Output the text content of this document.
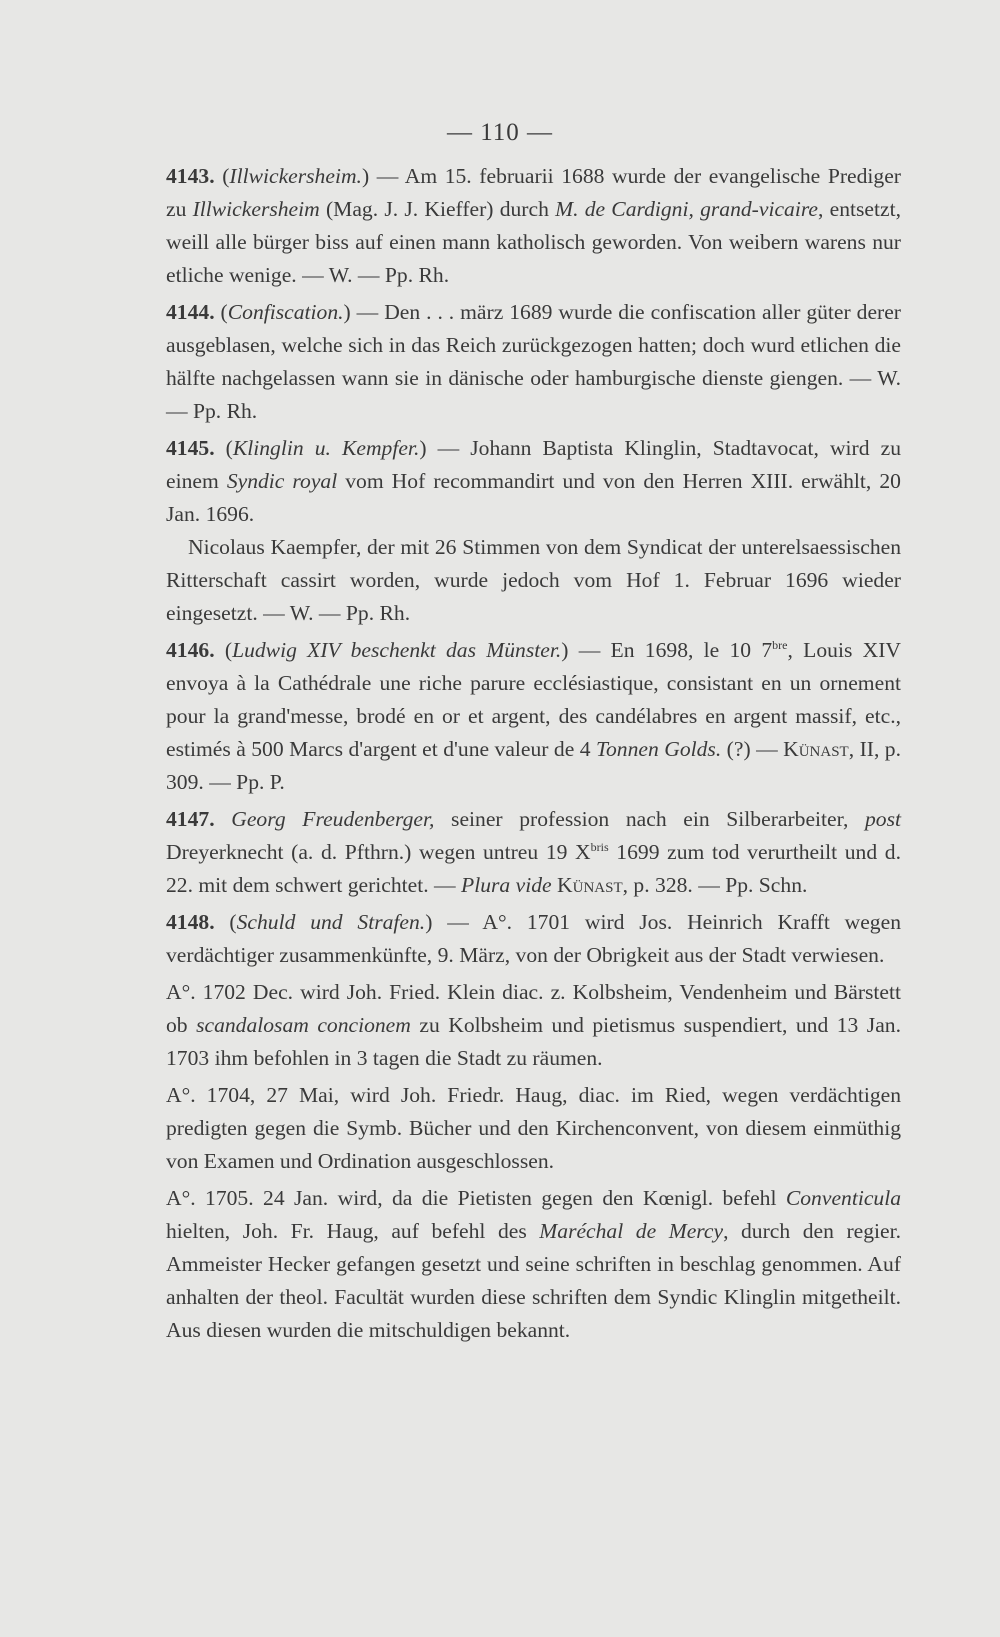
— 110 —
4143. (Illwickersheim.) — Am 15. februarii 1688 wurde der evangelische Prediger zu Illwickersheim (Mag. J. J. Kieffer) durch M. de Cardigni, grand-vicaire, entsetzt, weill alle bürger biss auf einen mann katholisch geworden. Von weibern warens nur etliche wenige. — W. — Pp. Rh.
4144. (Confiscation.) — Den . . . märz 1689 wurde die confiscation aller güter derer ausgeblasen, welche sich in das Reich zurückgezogen hatten; doch wurd etlichen die hälfte nachgelassen wann sie in dänische oder hamburgische dienste giengen. — W. — Pp. Rh.
4145. (Klinglin u. Kempfer.) — Johann Baptista Klinglin, Stadtavocat, wird zu einem Syndic royal vom Hof recommandirt und von den Herren XIII. erwählt, 20 Jan. 1696.
Nicolaus Kaempfer, der mit 26 Stimmen von dem Syndicat der unterelsaessischen Ritterschaft cassirt worden, wurde jedoch vom Hof 1. Februar 1696 wieder eingesetzt. — W. — Pp. Rh.
4146. (Ludwig XIV beschenkt das Münster.) — En 1698, le 10 $7^{bre}$, Louis XIV envoya à la Cathédrale une riche parure ecclésiastique, consistant en un ornement pour la grand'messe, brodé en or et argent, des candélabres en argent massif, etc., estimés à 500 Marcs d'argent et d'une valeur de 4 Tonnen Golds. (?) — Künast, II, p. 309. — Pp. P.
4147. Georg Freudenberger, seiner profession nach ein Silberarbeiter, post Dreyerknecht (a. d. Pfthrn.) wegen untreu 19 $X^{bris}$ 1699 zum tod verurtheilt und d. 22. mit dem schwert gerichtet. — Plura vide Künast, p. 328. — Pp. Schn.
4148. (Schuld und Strafen.) — A°. 1701 wird Jos. Heinrich Krafft wegen verdächtiger zusammenkünfte, 9. März, von der Obrigkeit aus der Stadt verwiesen.
A°. 1702 Dec. wird Joh. Fried. Klein diac. z. Kolbsheim, Vendenheim und Bärstett ob scandalosam concionem zu Kolbsheim und pietismus suspendiert, und 13 Jan. 1703 ihm befohlen in 3 tagen die Stadt zu räumen.
A°. 1704, 27 Mai, wird Joh. Friedr. Haug, diac. im Ried, wegen verdächtigen predigten gegen die Symb. Bücher und den Kirchenconvent, von diesem einmüthig von Examen und Ordination ausgeschlossen.
A°. 1705. 24 Jan. wird, da die Pietisten gegen den Kœnigl. befehl Conventicula hielten, Joh. Fr. Haug, auf befehl des Maréchal de Mercy, durch den regier. Ammeister Hecker gefangen gesetzt und seine schriften in beschlag genommen. Auf anhalten der theol. Facultät wurden diese schriften dem Syndic Klinglin mitgetheilt. Aus diesen wurden die mitschuldigen bekannt.
